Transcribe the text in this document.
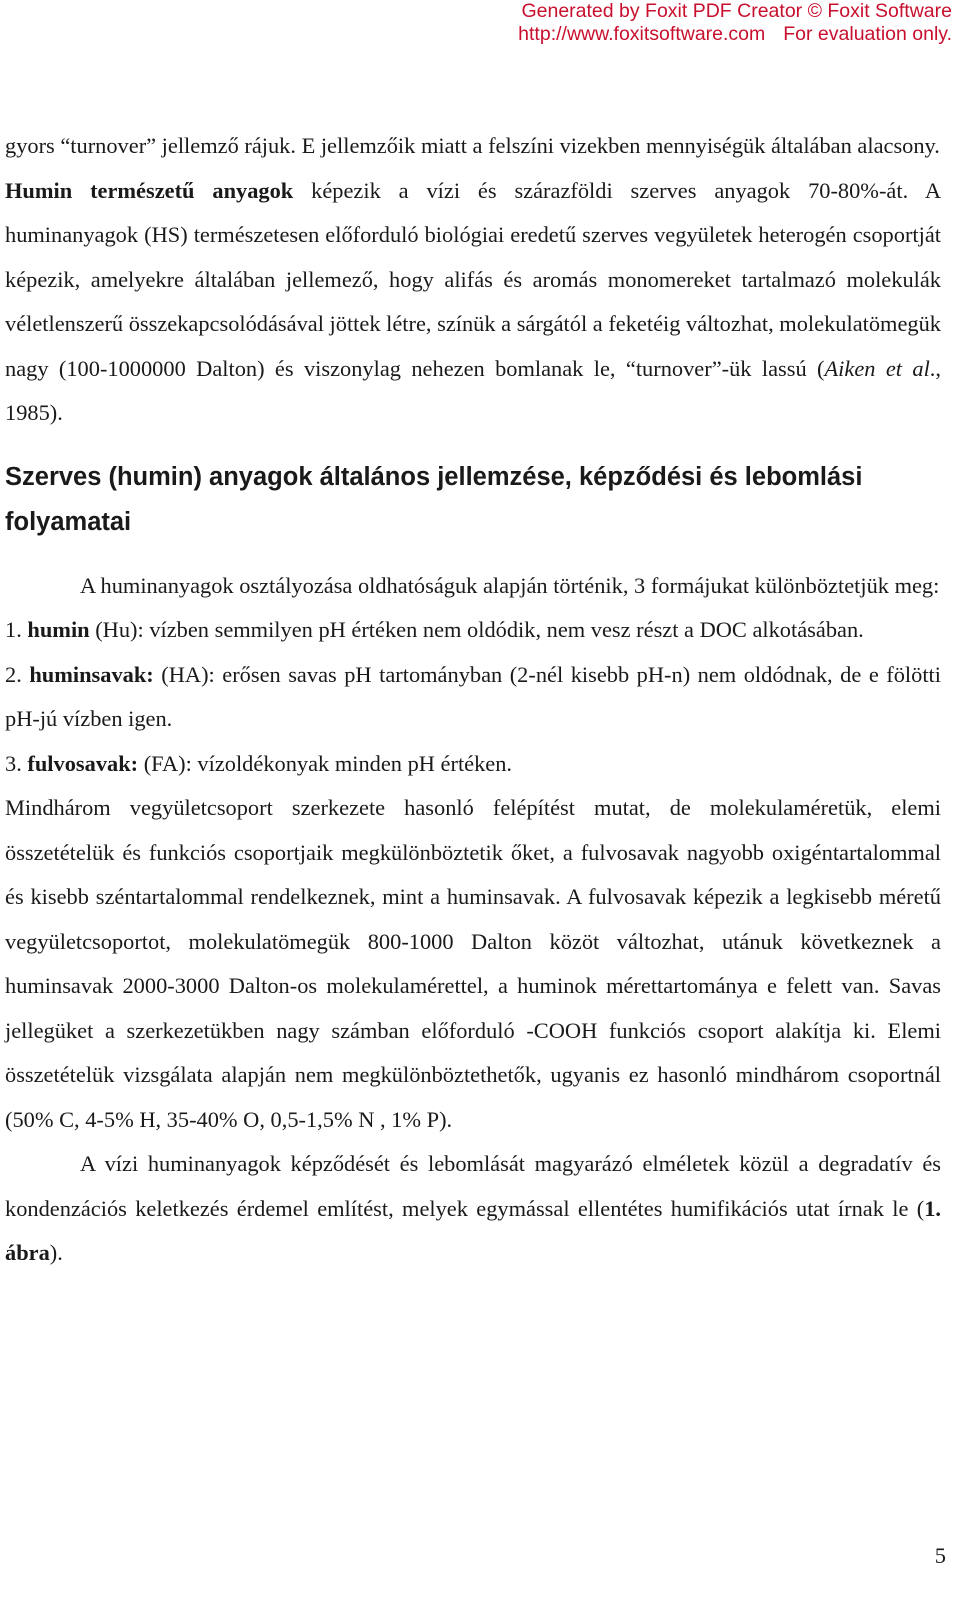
Generated by Foxit PDF Creator © Foxit Software
http://www.foxitsoftware.com For evaluation only.

gyors “turnover” jellemző rájuk. E jellemzőik miatt a felszíni vizekben mennyiségük általában alacsony.

Humin természetű anyagok képezik a vízi és szárazföldi szerves anyagok 70-80%-át. A huminanyagok (HS) természetesen előforduló biológiai eredetű szerves vegyületek heterogén csoportját képezik, amelyekre általában jellemező, hogy alifás és aromás monomereket tartalmazó molekulák véletlenszerű összekapcsolódásával jöttek létre, színük a sárgától a feketéig változhat, molekulatömegük nagy (100-1000000 Dalton) és viszonylag nehezen bomlanak le, “turnover”-ük lassú (Aiken et al., 1985).

Szerves (humin) anyagok általános jellemzése, képződési és lebomlási folyamatai

A huminanyagok osztályozása oldhatóságuk alapján történik, 3 formájukat különböztetjük meg:

1. humin (Hu): vízben semmilyen pH értéken nem oldódik, nem vesz részt a DOC alkotásában.

2. huminsavak: (HA): erősen savas pH tartományban (2-nél kisebb pH-n) nem oldódnak, de e fölötti pH-jú vízben igen.

3. fulvosavak: (FA): vízoldékonyak minden pH értéken.

Mindhárom vegyületcsoport szerkezete hasonló felépítést mutat, de molekulaméretük, elemi összetételük és funkciós csoportjaik megkülönböztetik őket, a fulvosavak nagyobb oxigéntartalommal és kisebb széntartalommal rendelkeznek, mint a huminsavak. A fulvosavak képezik a legkisebb méretű vegyületcsoportot, molekulatömegük 800-1000 Dalton közöt változhat, utánuk következnek a huminsavak 2000-3000 Dalton-os molekulamérettel, a huminok mérettartománya e felett van. Savas jellegüket a szerkezetükben nagy számban előforduló -COOH funkciós csoport alakítja ki. Elemi összetételük vizsgálata alapján nem megkülönböztethetők, ugyanis ez hasonló mindhárom csoportnál (50% C, 4-5% H, 35-40% O, 0,5-1,5% N , 1% P).

A vízi huminanyagok képződését és lebomlását magyarázó elméletek közül a degradatív és kondenzációs keletkezés érdemel említést, melyek egymással ellentétes humifikációs utat írnak le (1. ábra).

5
